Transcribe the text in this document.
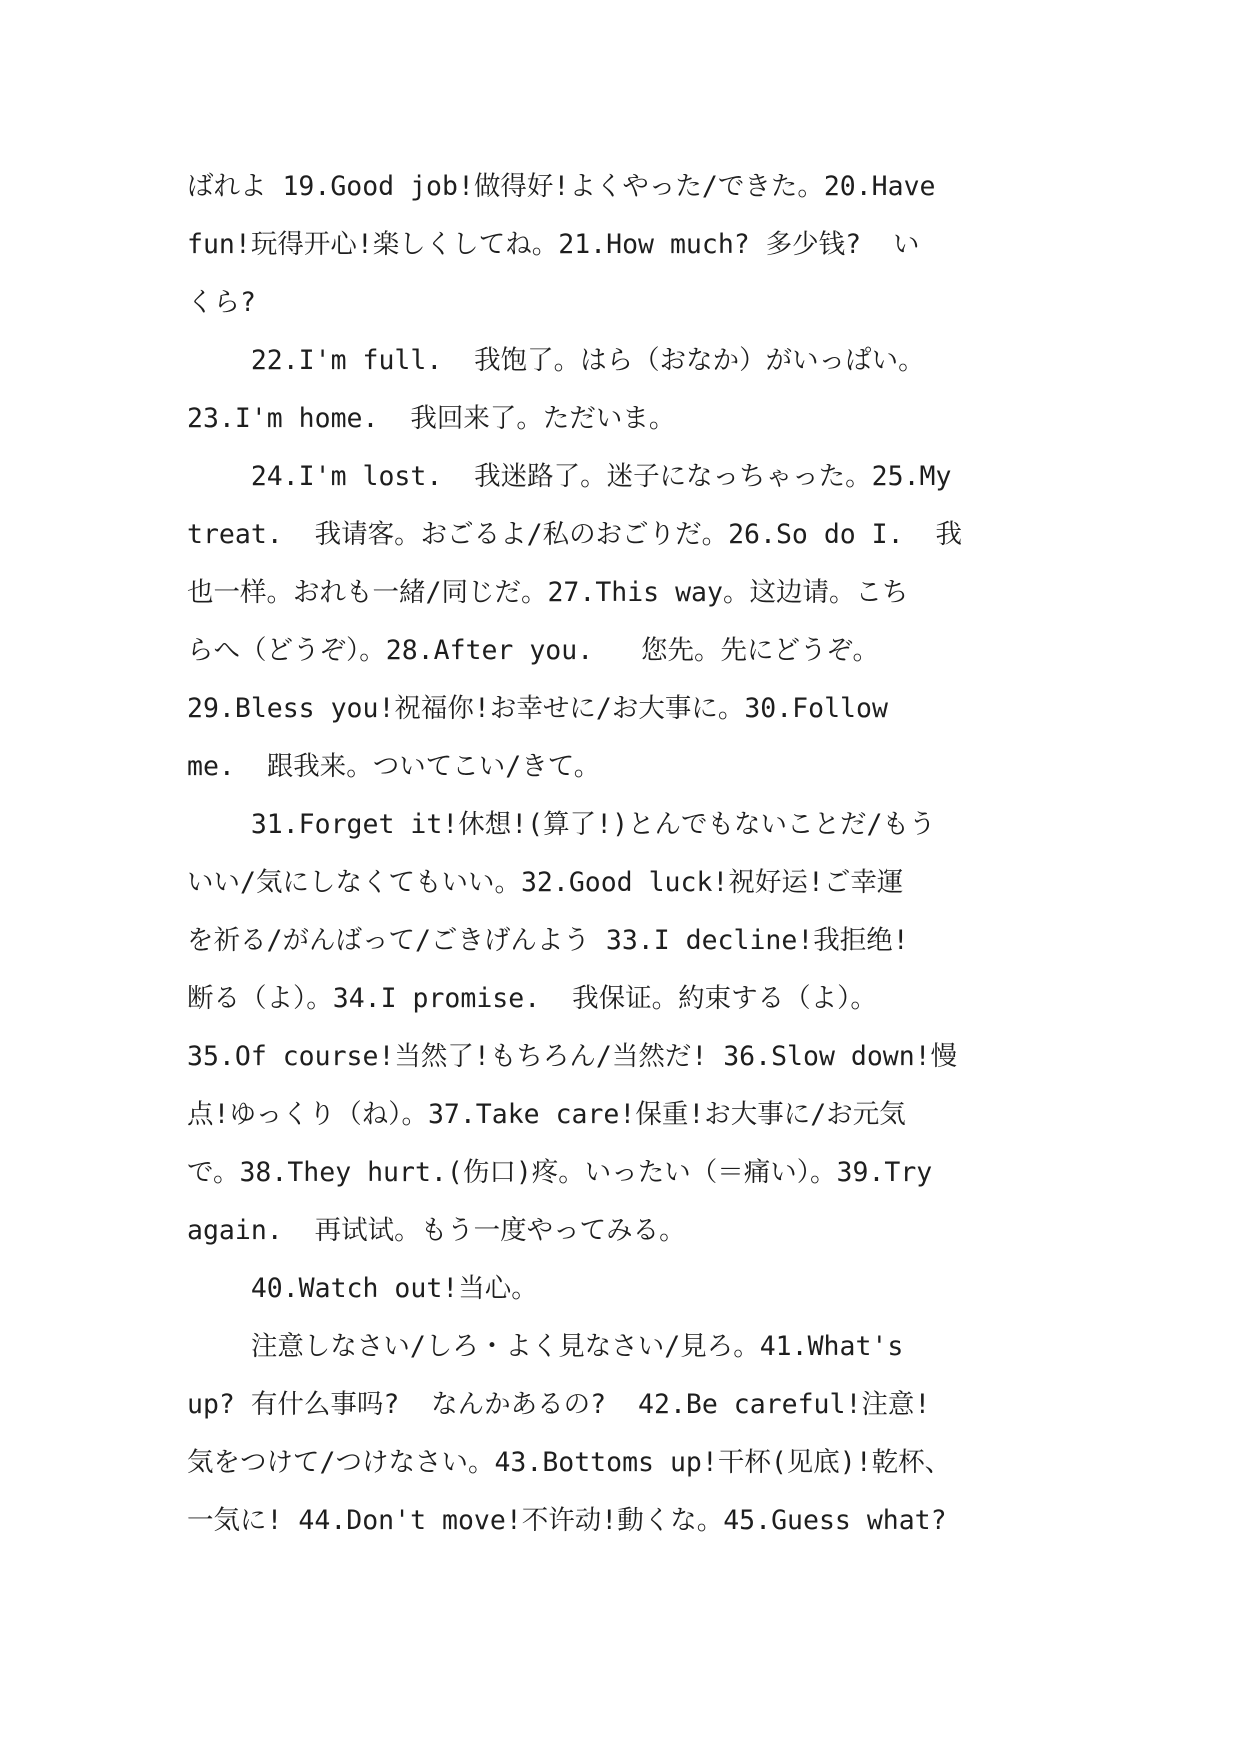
ばれよ 19.Good job!做得好!よくやった/できた。20.Have
fun!玩得开心!楽しくしてね。21.How much? 多少钱?  い
くら?
22.I'm full.  我饱了。はら（おなか）がいっぱい。
23.I'm home.  我回来了。ただいま。
24.I'm lost.  我迷路了。迷子になっちゃった。25.My
treat.  我请客。おごるよ/私のおごりだ。26.So do I.  我
也一样。おれも一緒/同じだ。27.This way。这边请。こち
らへ（どうぞ）。28.After you.   您先。先にどうぞ。
29.Bless you!祝福你!お幸せに/お大事に。30.Follow
me.  跟我来。ついてこい/きて。
31.Forget it!休想!(算了!)とんでもないことだ/もう
いい/気にしなくてもいい。32.Good luck!祝好运!ご幸運
を祈る/がんばって/ごきげんよう 33.I decline!我拒绝!
断る（よ）。34.I promise.  我保证。約束する（よ）。
35.Of course!当然了!もちろん/当然だ! 36.Slow down!慢
点!ゆっくり（ね）。37.Take care!保重!お大事に/お元気
で。38.They hurt.(伤口)疼。いったい（＝痛い）。39.Try
again.  再试试。もう一度やってみる。
40.Watch out!当心。
注意しなさい/しろ・よく見なさい/見ろ。41.What's
up? 有什么事吗?  なんかあるの?  42.Be careful!注意!
気をつけて/つけなさい。43.Bottoms up!干杯(见底)!乾杯、
一気に! 44.Don't move!不许动!動くな。45.Guess what?
